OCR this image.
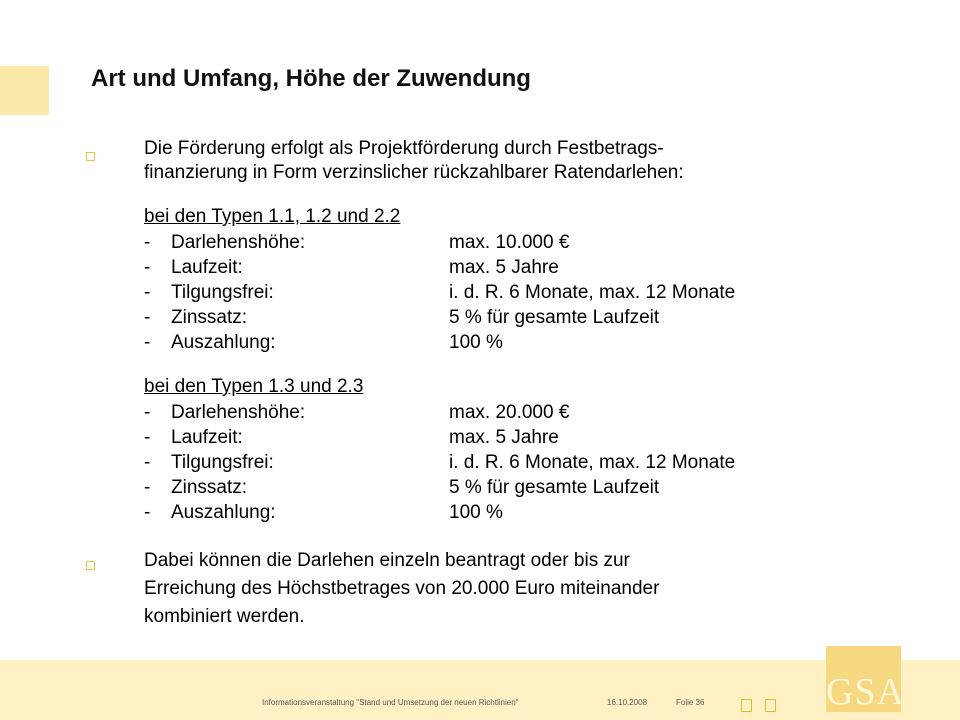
Art und Umfang, Höhe der Zuwendung
Die Förderung erfolgt als Projektförderung durch Festbetrags-
finanzierung in Form verzinslicher rückzahlbarer Ratendarlehen:
bei den Typen 1.1, 1.2 und 2.2
- Darlehenshöhe:	max. 10.000 €
- Laufzeit:	max. 5 Jahre
- Tilgungsfrei:	i. d. R. 6 Monate, max. 12 Monate
- Zinssatz:	5 % für gesamte Laufzeit
- Auszahlung:	100 %
bei den Typen 1.3 und 2.3
- Darlehenshöhe:	max. 20.000 €
- Laufzeit:	max. 5 Jahre
- Tilgungsfrei:	i. d. R. 6 Monate, max. 12 Monate
- Zinssatz:	5 % für gesamte Laufzeit
- Auszahlung:	100 %
Dabei können die Darlehen einzeln beantragt oder bis zur
Erreichung des Höchstbetrages von 20.000 Euro miteinander
kombiniert werden.
Informationsveranstaltung "Stand und Umsetzung der neuen Richtlinien"	16.10.2008	Folie 36	GSA
